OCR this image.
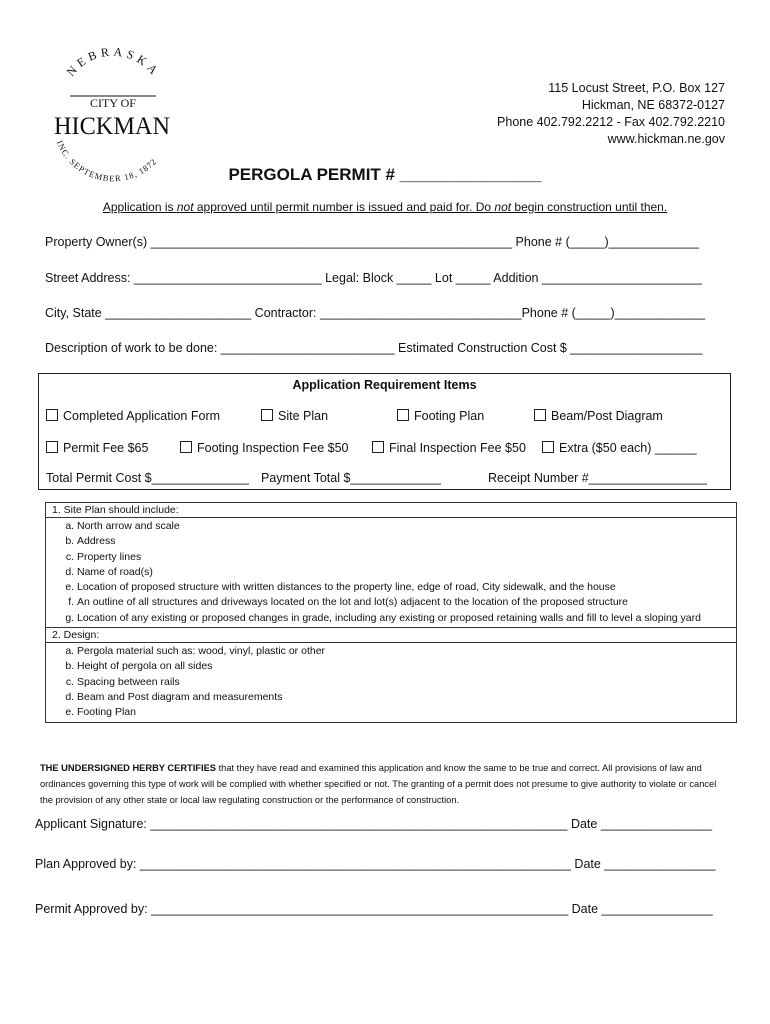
NEBRASKA
INC. SEPTEMBER 18, 1872
CITY OF
HICKMAN
115 Locust Street, P.O. Box 127
Hickman, NE 68372-0127
Phone 402.792.2212 - Fax 402.792.2210
www.hickman.ne.gov
PERGOLA PERMIT # _______________
Application is not approved until permit number is issued and paid for. Do not begin construction until then.
Property Owner(s) ____________________________________________________ Phone # (_____)_____________
Street Address: ___________________________ Legal: Block _____ Lot _____ Addition _______________________
City, State _____________________ Contractor: _____________________________Phone # (_____)_____________
Description of work to be done: _________________________ Estimated Construction Cost $ ___________________
Application Requirement Items
Completed Application Form	Site Plan	Footing Plan	Beam/Post Diagram
Permit Fee $65	Footing Inspection Fee $50	Final Inspection Fee $50	Extra ($50 each) ______
Total Permit Cost $______________ Payment Total $_____________	Receipt Number #_________________
1. Site Plan should include:

a. North arrow and scale
b. Address
c. Property lines
d. Name of road(s)
e. Location of proposed structure with written distances to the property line, edge of road, City sidewalk, and the house
f. An outline of all structures and driveways located on the lot and lot(s) adjacent to the location of the proposed structure
g. Location of any existing or proposed changes in grade, including any existing or proposed retaining walls and fill to level a sloping yard

2. Design:

a. Pergola material such as: wood, vinyl, plastic or other
b. Height of pergola on all sides
c. Spacing between rails
d. Beam and Post diagram and measurements
e. Footing Plan
THE UNDERSIGNED HERBY CERTIFIES that they have read and examined this application and know the same to be true and correct. All provisions of law and ordinances governing this type of work will be complied with whether specified or not. The granting of a permit does not presume to give authority to violate or cancel the provision of any other state or local law regulating construction or the performance of construction.
Applicant Signature: ____________________________________________________________ Date ________________
Plan Approved by: ______________________________________________________________ Date ________________
Permit Approved by: ____________________________________________________________ Date ________________
